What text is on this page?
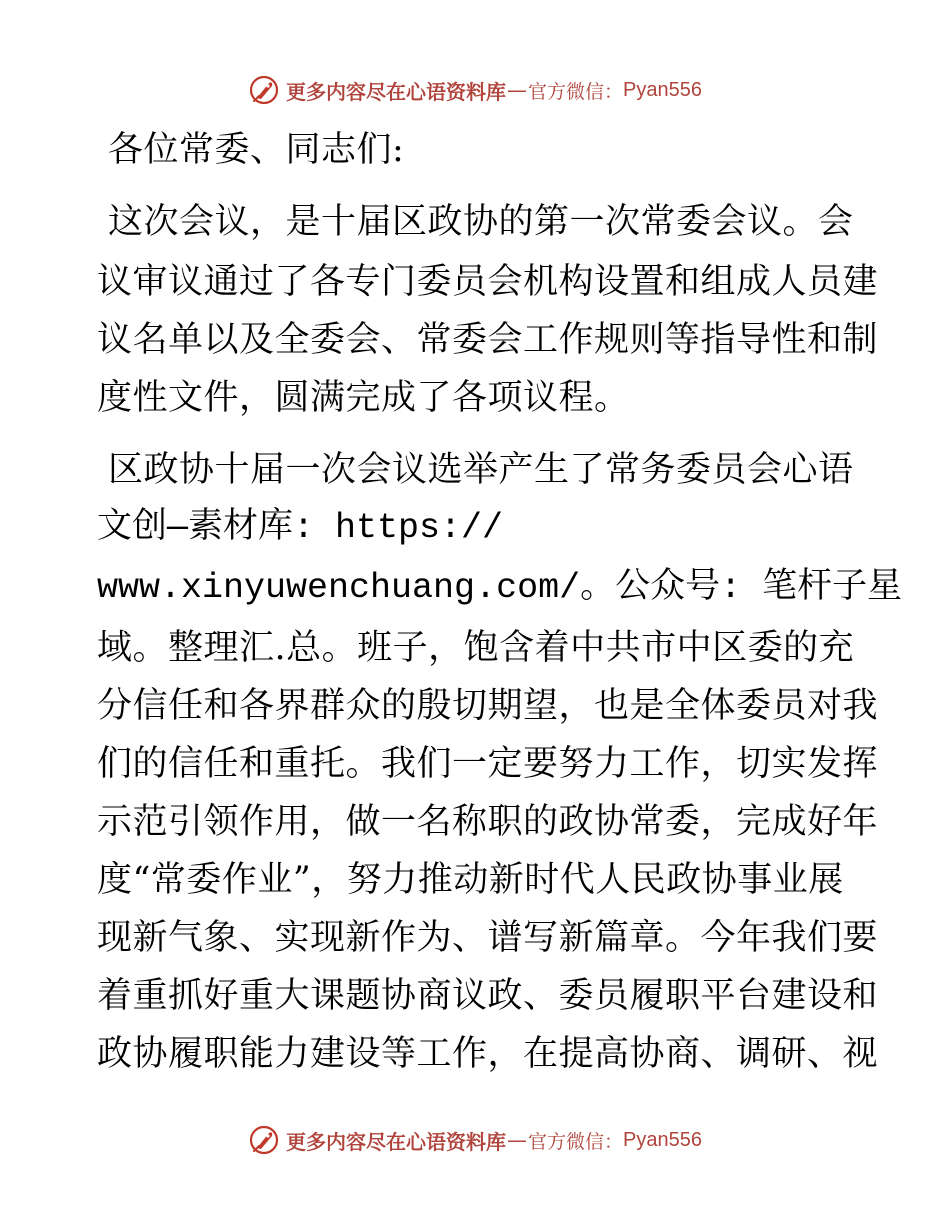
更多内容尽在心语资料库 — 官方微信： Pyan556

各位常委、同志们:

这次会议，是十届区政协的第一次常委会议。会

议审议通过了各专门委员会机构设置和组成人员建

议名单以及全委会、常委会工作规则等指导性和制

度性文件，圆满完成了各项议程。

区政协十届一次会议选举产生了常务委员会心语

文创—素材库: https://

www.xinyuwenchuang.com/。公众号: 笔杆子星

域。整理汇.总。班子，饱含着中共市中区委的充

分信任和各界群众的殷切期望，也是全体委员对我

们的信任和重托。我们一定要努力工作，切实发挥

示范引领作用，做一名称职的政协常委，完成好年

度“常委作业”，努力推动新时代人民政协事业展

现新气象、实现新作为、谱写新篇章。今年我们要

着重抓好重大课题协商议政、委员履职平台建设和

政协履职能力建设等工作，在提高协商、调研、视

更多内容尽在心语资料库 — 官方微信： Pyan556
